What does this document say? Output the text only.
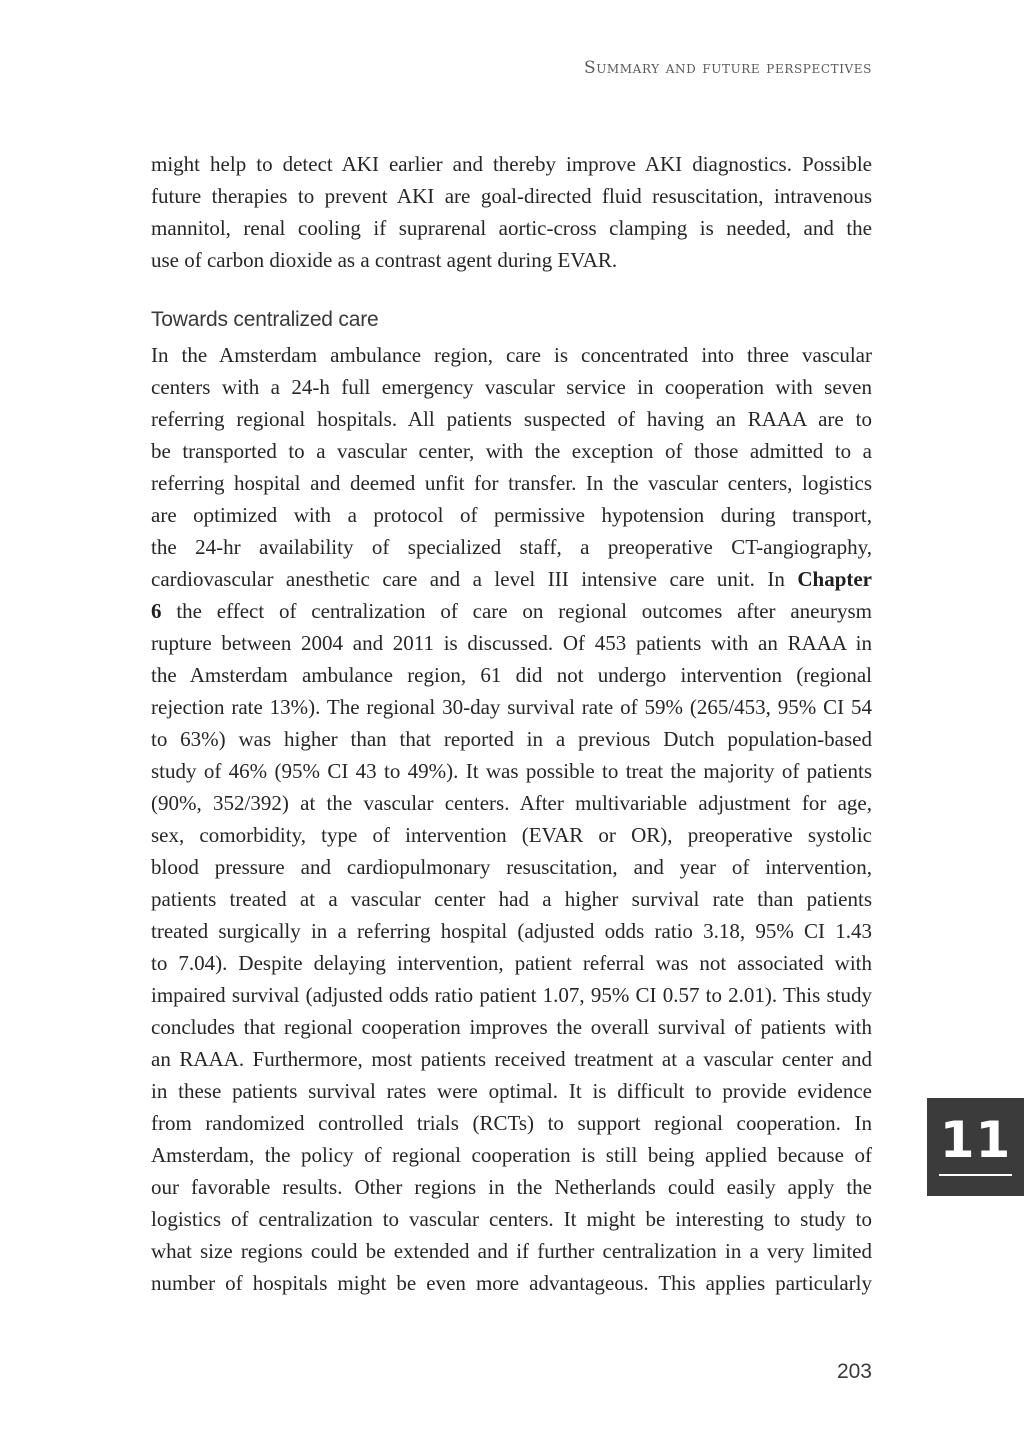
Summary and future perspectives
might help to detect AKI earlier and thereby improve AKI diagnostics. Possible
future therapies to prevent AKI are goal-directed fluid resuscitation, intravenous
mannitol, renal cooling if suprarenal aortic-cross clamping is needed, and the
use of carbon dioxide as a contrast agent during EVAR.
Towards centralized care
In the Amsterdam ambulance region, care is concentrated into three vascular
centers with a 24-h full emergency vascular service in cooperation with seven
referring regional hospitals. All patients suspected of having an RAAA are to
be transported to a vascular center, with the exception of those admitted to a
referring hospital and deemed unfit for transfer. In the vascular centers, logistics
are optimized with a protocol of permissive hypotension during transport,
the 24-hr availability of specialized staff, a preoperative CT-angiography,
cardiovascular anesthetic care and a level III intensive care unit. In Chapter
6 the effect of centralization of care on regional outcomes after aneurysm
rupture between 2004 and 2011 is discussed. Of 453 patients with an RAAA in
the Amsterdam ambulance region, 61 did not undergo intervention (regional
rejection rate 13%). The regional 30-day survival rate of 59% (265/453, 95% CI 54
to 63%) was higher than that reported in a previous Dutch population-based
study of 46% (95% CI 43 to 49%). It was possible to treat the majority of patients
(90%, 352/392) at the vascular centers. After multivariable adjustment for age,
sex, comorbidity, type of intervention (EVAR or OR), preoperative systolic
blood pressure and cardiopulmonary resuscitation, and year of intervention,
patients treated at a vascular center had a higher survival rate than patients
treated surgically in a referring hospital (adjusted odds ratio 3.18, 95% CI 1.43
to 7.04). Despite delaying intervention, patient referral was not associated with
impaired survival (adjusted odds ratio patient 1.07, 95% CI 0.57 to 2.01). This study
concludes that regional cooperation improves the overall survival of patients with
an RAAA. Furthermore, most patients received treatment at a vascular center and
in these patients survival rates were optimal. It is difficult to provide evidence
from randomized controlled trials (RCTs) to support regional cooperation. In
Amsterdam, the policy of regional cooperation is still being applied because of
our favorable results. Other regions in the Netherlands could easily apply the
logistics of centralization to vascular centers. It might be interesting to study to
what size regions could be extended and if further centralization in a very limited
number of hospitals might be even more advantageous. This applies particularly
11
203
